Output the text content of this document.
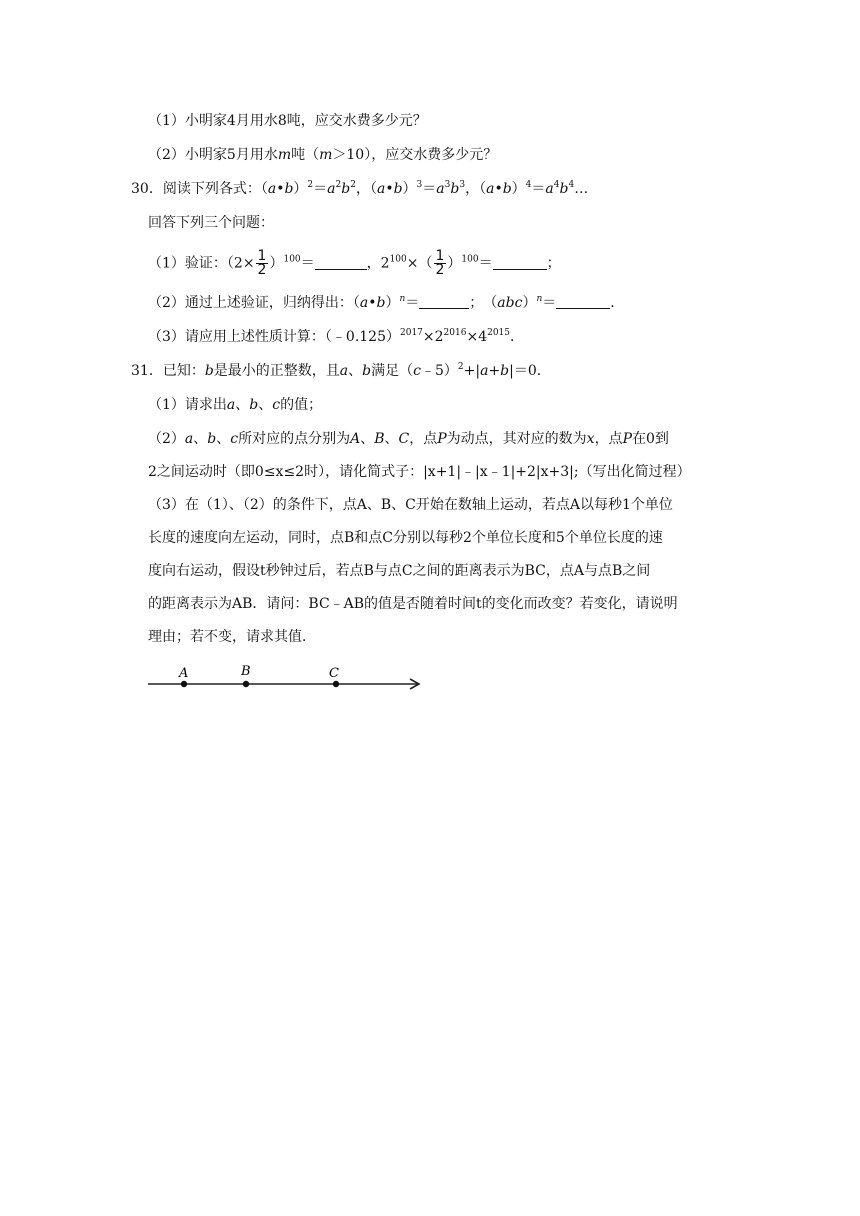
（1）小明家4月用水8吨，应交水费多少元？
（2）小明家5月用水m吨（m＞10），应交水费多少元？
30．阅读下列各式：$(a•b)^2=a^2b^2$，$(a•b)^3=a^3b^3$，$(a•b)^4=a^4b^4\dots$
回答下列三个问题：
（1）验证：$(2\times \frac{1}{2} )^{100}=$	，$2^{100}\times( \frac{1}{2} )^{100}=$	；
（2）通过上述验证，归纳得出：（a•b）$^n$＝	；　（abc）$^n$＝	．
（3）请应用上述性质计算：$(﹣0.125)^{2017}\times 2^{2016}\times 4^{2015}$．
31．已知：b是最小的正整数，且a、b满足（c﹣5）$^2$+|a+b|＝0．
（1）请求出a、b、c的值；
（2）a、b、c所对应的点分别为A、B、C，点P为动点，其对应的数为x，点P在0到
2之间运动时（即0≤x≤2时），请化简式子：|x+1|﹣|x﹣1|+2|x+3|;（写出化简过程）
（3）在（1）、（2）的条件下，点A、B、C开始在数轴上运动，若点A以每秒1个单位
长度的速度向左运动，同时，点B和点C分别以每秒2个单位长度和5个单位长度的速
度向右运动，假设t秒钟过后，若点B与点C之间的距离表示为BC，点A与点B之间
的距离表示为AB．请问：BC﹣AB的值是否随着时间t的变化而改变？若变化，请说明
理由；若不变，请求其值．
A	B	C
